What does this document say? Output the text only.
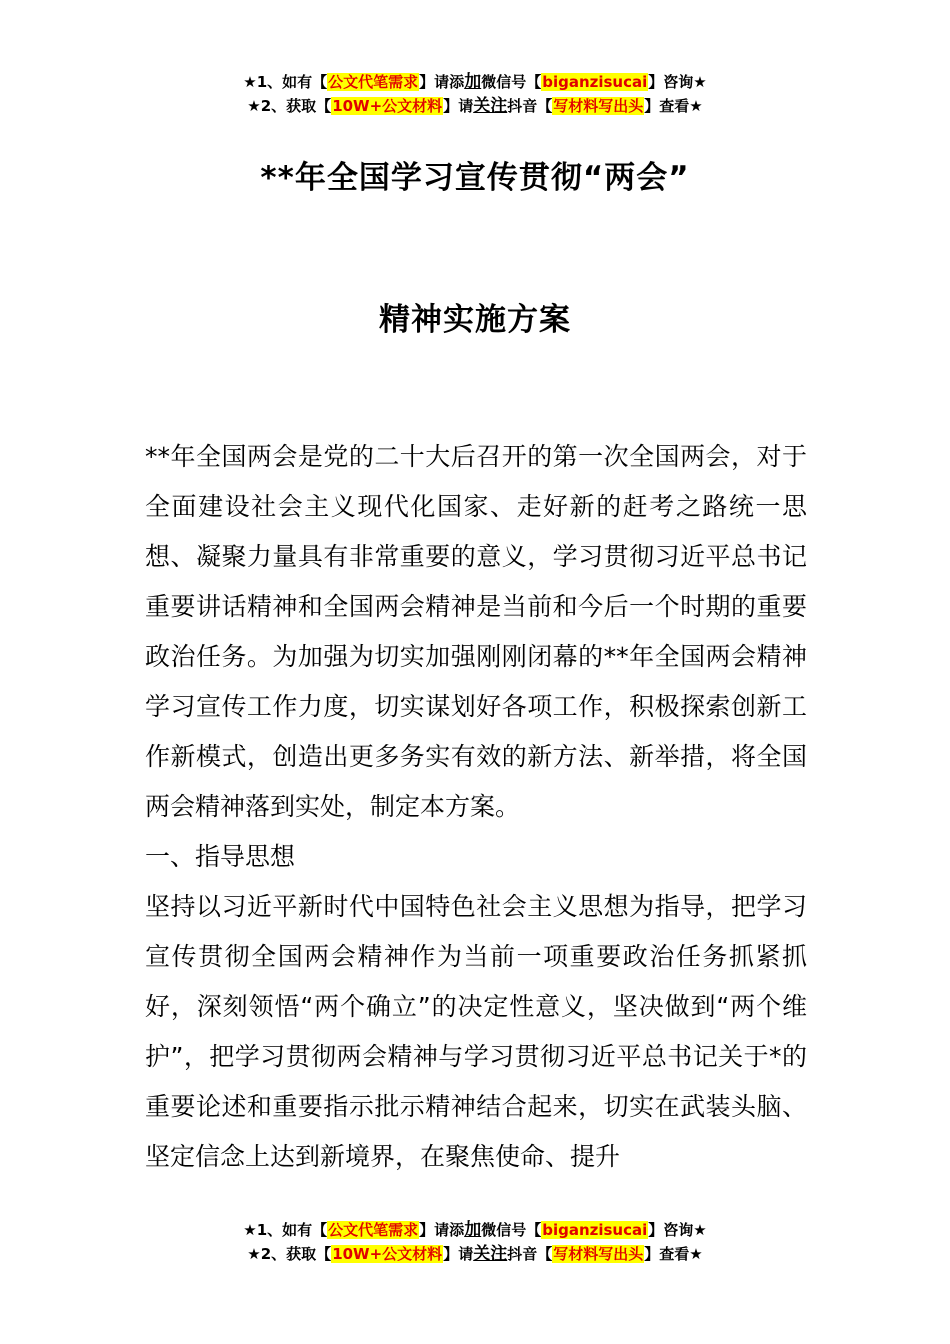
★1、如有【公文代笔需求】请添加微信号【biganzisucai】咨询★
★2、获取【10W+公文材料】请关注抖音【写材料写出头】查看★
**年全国学习宣传贯彻“两会”
精神实施方案

**年全国两会是党的二十大后召开的第一次全国两会，对于全面建设社会主义现代化国家、走好新的赶考之路统一思想、凝聚力量具有非常重要的意义，学习贯彻习近平总书记重要讲话精神和全国两会精神是当前和今后一个时期的重要政治任务。为加强为切实加强刚刚闭幕的**年全国两会精神学习宣传工作力度，切实谋划好各项工作，积极探索创新工作新模式，创造出更多务实有效的新方法、新举措，将全国两会精神落到实处，制定本方案。

一、指导思想

坚持以习近平新时代中国特色社会主义思想为指导，把学习宣传贯彻全国两会精神作为当前一项重要政治任务抓紧抓好，深刻领悟“两个确立”的决定性意义，坚决做到“两个维护”，把学习贯彻两会精神与学习贯彻习近平总书记关于*的重要论述和重要指示批示精神结合起来，切实在武装头脑、坚定信念上达到新境界，在聚焦使命、提升

★1、如有【公文代笔需求】请添加微信号【biganzisucai】咨询★
★2、获取【10W+公文材料】请关注抖音【写材料写出头】查看★
